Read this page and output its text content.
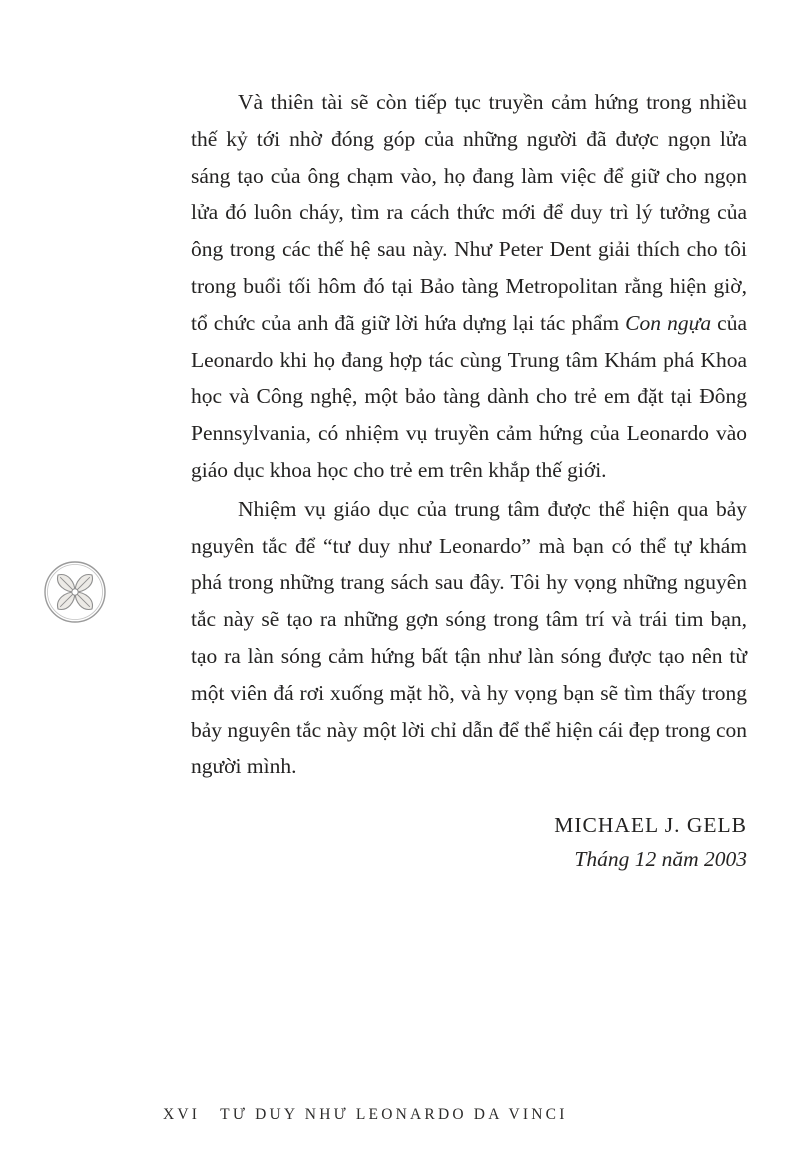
Và thiên tài sẽ còn tiếp tục truyền cảm hứng trong nhiều thế kỷ tới nhờ đóng góp của những người đã được ngọn lửa sáng tạo của ông chạm vào, họ đang làm việc để giữ cho ngọn lửa đó luôn cháy, tìm ra cách thức mới để duy trì lý tưởng của ông trong các thế hệ sau này. Như Peter Dent giải thích cho tôi trong buổi tối hôm đó tại Bảo tàng Metropolitan rằng hiện giờ, tổ chức của anh đã giữ lời hứa dựng lại tác phẩm Con ngựa của Leonardo khi họ đang hợp tác cùng Trung tâm Khám phá Khoa học và Công nghệ, một bảo tàng dành cho trẻ em đặt tại Đông Pennsylvania, có nhiệm vụ truyền cảm hứng của Leonardo vào giáo dục khoa học cho trẻ em trên khắp thế giới.

Nhiệm vụ giáo dục của trung tâm được thể hiện qua bảy nguyên tắc để “tư duy như Leonardo” mà bạn có thể tự khám phá trong những trang sách sau đây. Tôi hy vọng những nguyên tắc này sẽ tạo ra những gợn sóng trong tâm trí và trái tim bạn, tạo ra làn sóng cảm hứng bất tận như làn sóng được tạo nên từ một viên đá rơi xuống mặt hồ, và hy vọng bạn sẽ tìm thấy trong bảy nguyên tắc này một lời chỉ dẫn để thể hiện cái đẹp trong con người mình.

MICHAEL J. GELB

Tháng 12 năm 2003

XVI TƯ DUY NHƯ LEONARDO DA VINCI
